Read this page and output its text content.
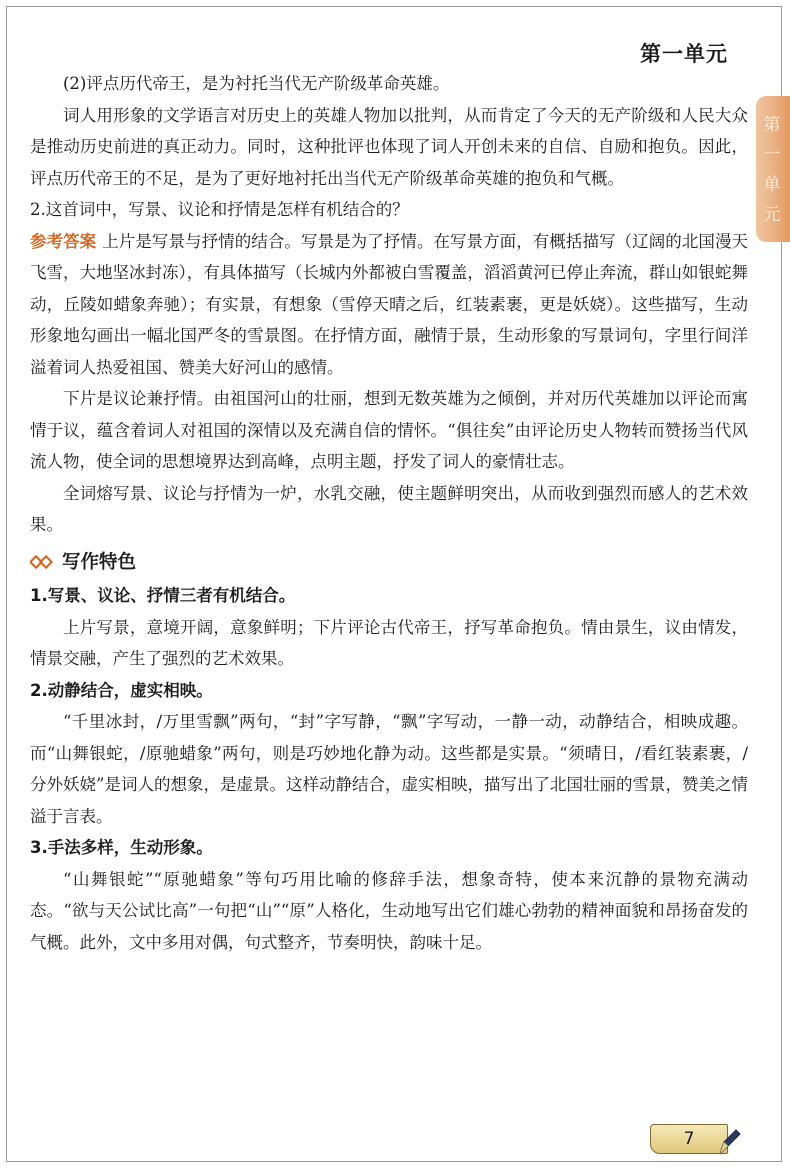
第一单元
第一单元

(2)评点历代帝王，是为衬托当代无产阶级革命英雄。

词人用形象的文学语言对历史上的英雄人物加以批判，从而肯定了今天的无产阶级和人民大众是推动历史前进的真正动力。同时，这种批评也体现了词人开创未来的自信、自励和抱负。因此，评点历代帝王的不足，是为了更好地衬托出当代无产阶级革命英雄的抱负和气概。

2.这首词中，写景、议论和抒情是怎样有机结合的？

参考答案 上片是写景与抒情的结合。写景是为了抒情。在写景方面，有概括描写（辽阔的北国漫天飞雪，大地坚冰封冻），有具体描写（长城内外都被白雪覆盖，滔滔黄河已停止奔流，群山如银蛇舞动，丘陵如蜡象奔驰）；有实景，有想象（雪停天晴之后，红装素裹，更是妖娆）。这些描写，生动形象地勾画出一幅北国严冬的雪景图。在抒情方面，融情于景，生动形象的写景词句，字里行间洋溢着词人热爱祖国、赞美大好河山的感情。

下片是议论兼抒情。由祖国河山的壮丽，想到无数英雄为之倾倒，并对历代英雄加以评论而寓情于议，蕴含着词人对祖国的深情以及充满自信的情怀。“俱往矣”由评论历史人物转而赞扬当代风流人物，使全词的思想境界达到高峰，点明主题，抒发了词人的豪情壮志。

全词熔写景、议论与抒情为一炉，水乳交融，使主题鲜明突出，从而收到强烈而感人的艺术效果。

写作特色

1.写景、议论、抒情三者有机结合。

上片写景，意境开阔，意象鲜明；下片评论古代帝王，抒写革命抱负。情由景生，议由情发，情景交融，产生了强烈的艺术效果。

2.动静结合，虚实相映。

“千里冰封，/万里雪飘”两句，“封”字写静，“飘”字写动，一静一动，动静结合，相映成趣。而“山舞银蛇，/原驰蜡象”两句，则是巧妙地化静为动。这些都是实景。“须晴日，/看红装素裹，/分外妖娆”是词人的想象，是虚景。这样动静结合，虚实相映，描写出了北国壮丽的雪景，赞美之情溢于言表。

3.手法多样，生动形象。

“山舞银蛇”“原驰蜡象”等句巧用比喻的修辞手法，想象奇特，使本来沉静的景物充满动态。“欲与天公试比高”一句把“山”“原”人格化，生动地写出它们雄心勃勃的精神面貌和昂扬奋发的气概。此外，文中多用对偶，句式整齐，节奏明快，韵味十足。

7
